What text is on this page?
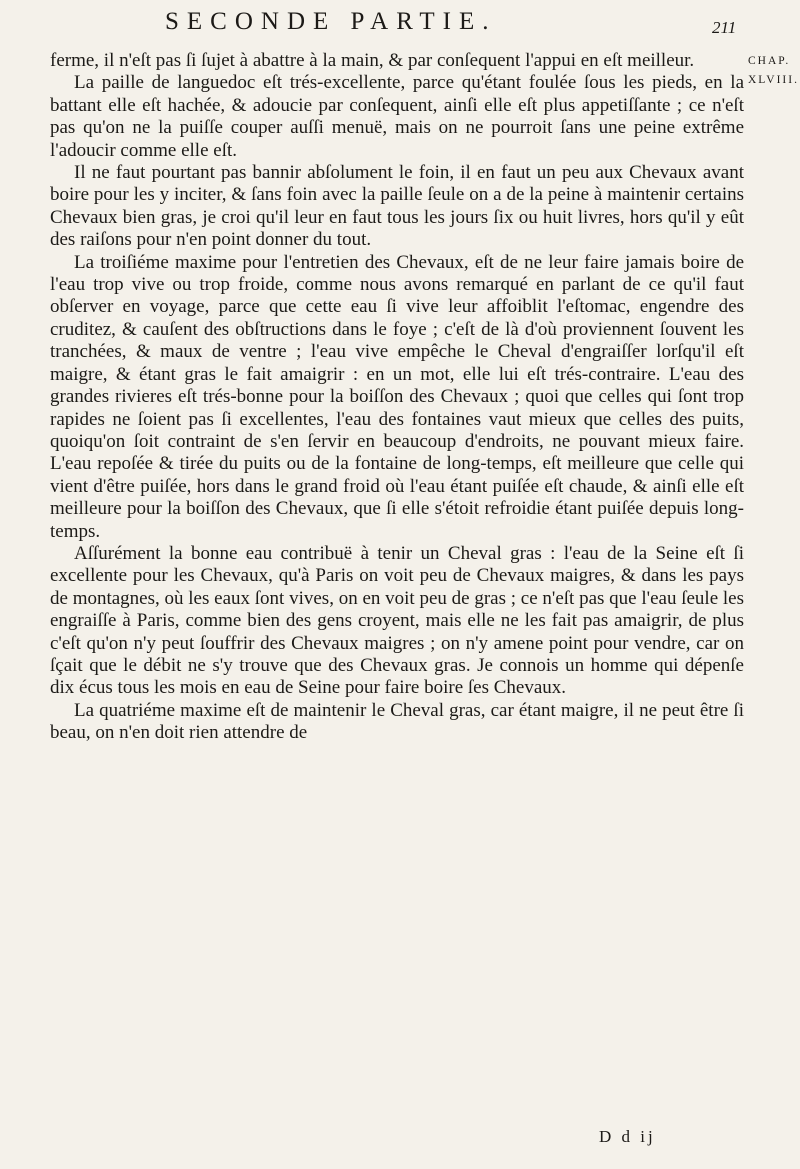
SECONDE PARTIE.	211
CHAP.
XLVIII.

ferme, il n'eſt pas ſi ſujet à abattre à la main, & par conſequent l'appui en eſt meilleur.

La paille de languedoc eſt trés-excellente, parce qu'étant foulée ſous les pieds, en la battant elle eſt hachée, & adoucie par conſequent, ainſi elle eſt plus appetiſſante ; ce n'eſt pas qu'on ne la puiſſe couper auſſi menuë, mais on ne pourroit ſans une peine extrême l'adoucir comme elle eſt.

Il ne faut pourtant pas bannir abſolument le foin, il en faut un peu aux Chevaux avant boire pour les y inciter, & ſans foin avec la paille ſeule on a de la peine à maintenir certains Chevaux bien gras, je croi qu'il leur en faut tous les jours ſix ou huit livres, hors qu'il y eût des raiſons pour n'en point donner du tout.

La troiſiéme maxime pour l'entretien des Chevaux, eſt de ne leur faire jamais boire de l'eau trop vive ou trop froide, comme nous avons remarqué en parlant de ce qu'il faut obſerver en voyage, parce que cette eau ſi vive leur affoiblit l'eſtomac, engendre des cruditez, & cauſent des obſtructions dans le foye ; c'eſt de là d'où proviennent ſouvent les tranchées, & maux de ventre ; l'eau vive empêche le Cheval d'engraiſſer lorſqu'il eſt maigre, & étant gras le fait amaigrir : en un mot, elle lui eſt trés-contraire. L'eau des grandes rivieres eſt trés-bonne pour la boiſſon des Chevaux ; quoi que celles qui ſont trop rapides ne ſoient pas ſi excellentes, l'eau des fontaines vaut mieux que celles des puits, quoiqu'on ſoit contraint de s'en ſervir en beaucoup d'endroits, ne pouvant mieux faire. L'eau repoſée & tirée du puits ou de la fontaine de long-temps, eſt meilleure que celle qui vient d'être puiſée, hors dans le grand froid où l'eau étant puiſée eſt chaude, & ainſi elle eſt meilleure pour la boiſſon des Chevaux, que ſi elle s'étoit refroidie étant puiſée depuis long-temps.

Aſſurément la bonne eau contribuë à tenir un Cheval gras : l'eau de la Seine eſt ſi excellente pour les Chevaux, qu'à Paris on voit peu de Chevaux maigres, & dans les pays de montagnes, où les eaux ſont vives, on en voit peu de gras ; ce n'eſt pas que l'eau ſeule les engraiſſe à Paris, comme bien des gens croyent, mais elle ne les fait pas amaigrir, de plus c'eſt qu'on n'y peut ſouffrir des Chevaux maigres ; on n'y amene point pour vendre, car on ſçait que le débit ne s'y trouve que des Chevaux gras. Je connois un homme qui dépenſe dix écus tous les mois en eau de Seine pour faire boire ſes Chevaux.

La quatriéme maxime eſt de maintenir le Cheval gras, car étant maigre, il ne peut être ſi beau, on n'en doit rien attendre de

D d ij
